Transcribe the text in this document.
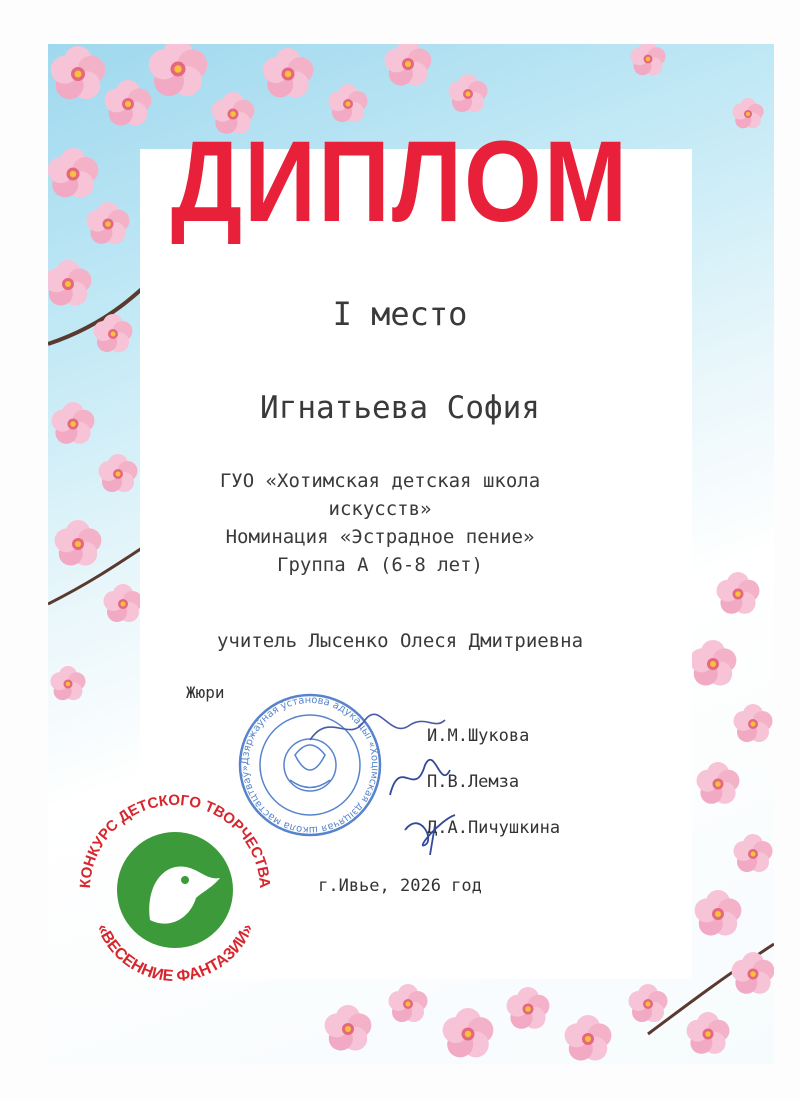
ДИПЛОМ
I место
Игнатьева София
ГУО «Хотимская детская школа
искусств»
Номинация «Эстрадное пение»
Группа А (6-8 лет)
учитель Лысенко Олеся Дмитриевна
Жюри
И.М.Шукова
П.В.Лемза
Д.А.Пичушкина
Дзяржаўная ўстанова адукацыі «Хоцімская дзіцячая школа мастацтваў»
КОНКУРС ДЕТСКОГО ТВОРЧЕСТВА
«ВЕСЕННИЕ ФАНТАЗИИ»
г.Ивье, 2026 год
